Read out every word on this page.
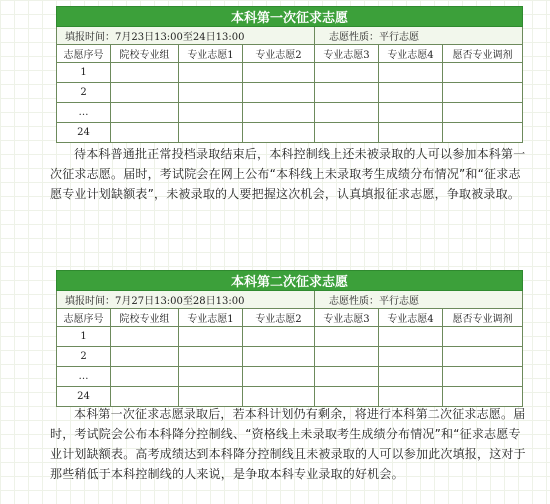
本科第一次征求志愿						
填报时间：7月23日13:00至24日13:00				志愿性质：平行志愿		
志愿序号	院校专业组	专业志愿1	专业志愿2	专业志愿3	专业志愿4	愿否专业调剂
1						
2						
…						
24						

待本科普通批正常投档录取结束后，本科控制线上还未被录取的人可以参加本科第一次征求志愿。届时，考试院会在网上公布“本科线上未录取考生成绩分布情况”和“征求志愿专业计划缺额表”，未被录取的人要把握这次机会，认真填报征求志愿，争取被录取。

本科第二次征求志愿						
填报时间：7月27日13:00至28日13:00				志愿性质：平行志愿		
志愿序号	院校专业组	专业志愿1	专业志愿2	专业志愿3	专业志愿4	愿否专业调剂
1						
2						
…						
24						

本科第一次征求志愿录取后，若本科计划仍有剩余，将进行本科第二次征求志愿。届时，考试院会公布本科降分控制线、“资格线上未录取考生成绩分布情况”和“征求志愿专业计划缺额表。高考成绩达到本科降分控制线且未被录取的人可以参加此次填报，这对于那些稍低于本科控制线的人来说，是争取本科专业录取的好机会。
